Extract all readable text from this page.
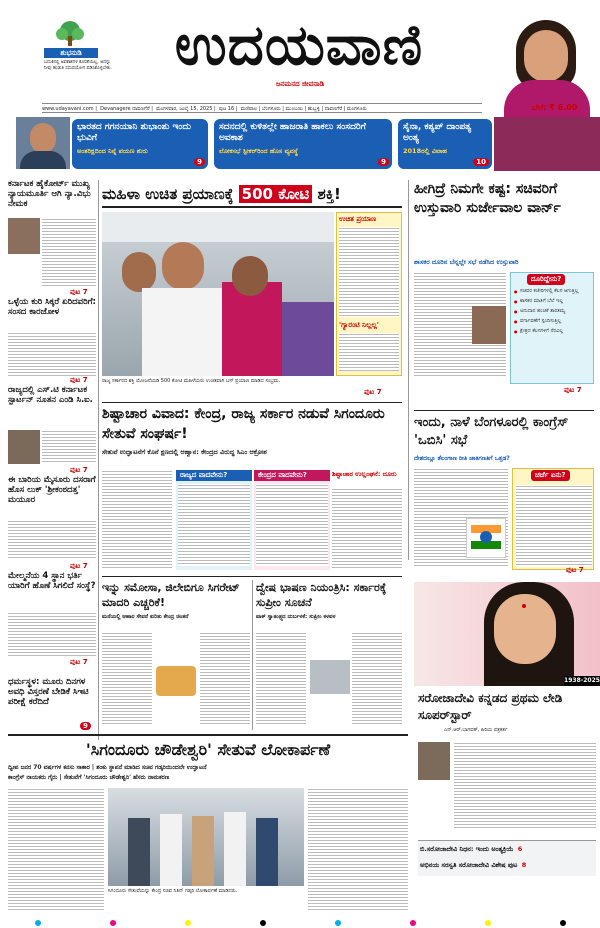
ಶುಭನುಡಿ
ಬದುಕಿನಲ್ಲಿ ಅವಕಾಶಗಳ ಕೊರತೆಯಿಲ್ಲ. ಅದನ್ನು ನೀವು ಹುಡುಕಿ ಸದುಪಯೋಗ ಪಡಿಸಿಕೊಳ್ಳಬೇಕು.	ಉದಯವಾಣಿ
ಜನಮನದ ಜೀವನಾಡಿ
www.udayavani.com |  Devanagere ದಾವಣಗೆರೆ |  ಮಂಗಳವಾರ, ಜುಲೈ 15, 2025 |  ಪುಟ 16 |  ಮಣಿಪಾಲ | ಬೆಂಗಳೂರು | ಮುಂಬಯಿ | ಹುಬ್ಬಳ್ಳಿ | ದಾವಣಗೆರೆ | ಮಂಗಳೂರು	ಬೆಲೆ: ₹ 6.00
ಭಾರತದ ಗಗನಯಾನಿ ಶುಭಾಂಶು ಇಂದು ಭುವಿಗೆ
ಅಂತರಿಕ್ಷದಿಂದ ನಿನ್ನೆ ಪಯಣ ಶುರು
9
ಸದನದಲ್ಲಿ ಕುಳಿತಲ್ಲೇ ಹಾಜರಾತಿ ಹಾಕಲು ಸಂಸದರಿಗೆ ಅವಕಾಶ
ಲೋಕಸಭೆ ಸ್ಪೀಕರ್‌ರಿಂದ ಹೊಸ ವ್ಯವಸ್ಥೆ
9
ಸೈನಾ, ಕಶ್ಯಪ್ ದಾಂಪತ್ಯ ಅಂತ್ಯ
2018ರಲ್ಲಿ ವಿವಾಹ
10
ಕರ್ನಾಟಕ ಹೈಕೋರ್ಟ್ ಮುಖ್ಯ ನ್ಯಾಯಮೂರ್ತಿ ಆಗಿ ನ್ಯಾ.ವಿಭು ನೇಮಕ
ಪುಟ 7
ಒಳ್ಳೆಯ ಕುರಿ ಸಿಕ್ಕರೆ ಏರಿದವರಿಗೆ: ಸಂಸದ ಕಾರಜೋಳ
ಪುಟ 7
ರಾಜ್ಯದಲ್ಲಿ ಎಸ್‌.ಟಿ ಕರ್ನಾಟಕ ಸ್ಪಾರ್ಟನ್ ನೂತನ ಎಂಡಿ ಸಿ.ಐ.
ಪುಟ 7
ಈ ಬಾರಿಯ ಮೈಸೂರು ದಸರಾಗೆ ಹೊಸ ಲುಕ್ 'ಶ್ರೀಕಂಠದತ್ತ' ಮಯೂರ
ಪುಟ 7
ಮೇಲ್ಮನೆಯ 4 ಸ್ಥಾನ ಭರ್ತಿ ಯಾರಿಗೆ ಹೊಣೆ ಸಿಗಲಿದೆ ಸಂಸ್ಥೆ?
ಪುಟ 7
ಧರ್ಮಸ್ಥಳ: ಮೂರು ದಿನಗಳ ಅವಧಿ ವಿಸ್ತರಣೆ ಬೇಡಿಕೆ ಸಿಇಟಿ ಪರೀಕ್ಷೆ ಕರೆದಿದೆ
9
ಮಹಿಳಾ ಉಚಿತ ಪ್ರಯಾಣಕ್ಕೆ 500 ಕೋಟಿ ಶಕ್ತಿ!
ಉಚಿತ ಪ್ರಯಾಣ
'ಗ್ಯಾರಂಟಿ ನಿಲ್ಲಲ್ಲ'
ರಾಜ್ಯ ಸರ್ಕಾರದ ಶಕ್ತಿ ಯೋಜನೆಯಡಿ 500 ಕೋಟಿ ಮಹಿಳೆಯರು ಉಚಿತವಾಗಿ ಬಸ್ ಪ್ರಯಾಣ ಮಾಡಿದ ಸಂಭ್ರಮ.
ಪುಟ 7
ಹೀಗಿದ್ರೆ ನಿಮಗೇ ಕಷ್ಟ: ಸಚಿವರಿಗೆ ಉಸ್ತುವಾರಿ ಸುರ್ಜೇವಾಲ ವಾರ್ನ್
ಶಾಸಕರ ದೂರಿನ ಬೆನ್ನಲ್ಲೇ ಸಭೆ ನಡೆಸಿದ ಉಸ್ತುವಾರಿ
ದೂರಿದ್ದೇನು?
● ಸಚಿವರ ಕಚೇರಿಗಳಲ್ಲಿ ಕೆಲಸ ಆಗುತ್ತಿಲ್ಲ
● ಶಾಸಕರ ಮಾತಿಗೆ ಬೆಲೆ ಇಲ್ಲ
● ಅನುದಾನ ಹಂಚಿಕೆ ತಾರತಮ್ಯ
● ವರ್ಗಾವಣೆಗೆ ಸ್ಪಂದಿಸುತ್ತಿಲ್ಲ
● ಕ್ಷೇತ್ರದ ಕೆಲಸಗಳಿಗೆ ನೆರವಿಲ್ಲ
ಪುಟ 7
ಶಿಷ್ಟಾಚಾರ ವಿವಾದ: ಕೇಂದ್ರ, ರಾಜ್ಯ ಸರ್ಕಾರ ನಡುವೆ ಸಿಗಂದೂರು ಸೇತುವೆ ಸಂಘರ್ಷ!
ಸೇತುವೆ ಉದ್ಘಾಟನೆಗೆ ಕೊನೆ ಕ್ಷಣದಲ್ಲಿ ಆಹ್ವಾನ: ಕೇಂದ್ರದ ವಿರುದ್ಧ ಸಿಎಂ ಆಕ್ರೋಶ
ರಾಜ್ಯದ ವಾದವೇನು?	ಕೇಂದ್ರದ ವಾದವೇನು?	ಶಿಷ್ಟಾಚಾರ ಉಲ್ಲಂಘನೆ: ದೂರು
ಇಂದು, ನಾಳೆ ಬೆಂಗಳೂರಲ್ಲಿ ಕಾಂಗ್ರೆಸ್ 'ಒಬಿಸಿ' ಸಭೆ
ದೇಶದಲ್ಲೂ ತೆಲಂಗಾಣ ರೀತಿ ಜಾತಿಗಣತಿಗೆ ಒತ್ತಡ?
ಚರ್ಚೆ ಏನು?
ಪುಟ 7
ಇನ್ನು ಸಮೋಸಾ, ಜಿಲೇಬಿಗೂ ಸಿಗರೇಟ್ ಮಾದರಿ ಎಚ್ಚರಿಕೆ!
ಮನೆಯಲ್ಲಿ ಆಹಾರ ಸೇವನೆ ಕುರಿತು ಕೇಂದ್ರ ಚಿಂತನೆ
ದ್ವೇಷ ಭಾಷಣ ನಿಯಂತ್ರಿಸಿ: ಸರ್ಕಾರಕ್ಕೆ ಸುಪ್ರೀಂ ಸೂಚನೆ
ವಾಕ್ ಸ್ವಾತಂತ್ರ್ಯದ ದುರ್ಬಳಕೆ: ಸುಪ್ರೀಂ ಕಳವಳ
1938-2025
ಸರೋಜಾದೇವಿ ಕನ್ನಡದ ಪ್ರಥಮ ಲೇಡಿ ಸೂಪರ್‌ಸ್ಟಾರ್
ಎನ್.ಆರ್.ಭಾಗವತ್, ಹಿರಿಯ ಪತ್ರಕರ್ತ
ಬಿ.ಸರೋಜಾದೇವಿ ನಿಧನ: ಇಂದು ಅಂತ್ಯಕ್ರಿಯೆ 6
ಅಭಿನಯ ಸರಸ್ವತಿ ಸರೋಜಾದೇವಿ ವಿಶೇಷ ಪುಟ 8
'ಸಿಗಂದೂರು ಚೌಡೇಶ್ವರಿ' ಸೇತುವೆ ಲೋಕಾರ್ಪಣೆ
ದ್ವೀಪ ಜನರ 70 ವರ್ಷಗಳ ಕನಸು ಸಾಕಾರ | ಶಂಕು ಸ್ಥಾಪನೆ ಮಾಡಿದ ಸಚಿವ ಗಡ್ಕರಿಯಿಂದಲೇ ಉದ್ಘಾಟನೆ
ಕಾಂಗ್ರೆಸ್ ನಾಯಕರು ಗೈರು | ಸೇತುವೆಗೆ 'ಸಿಗಂದೂರು ಚೌಡೇಶ್ವರಿ' ಹೆಸರು ನಾಮಕರಣ
ಸಿಗಂದೂರು ಸೇತುವೆಯನ್ನು ಕೇಂದ್ರ ಸಚಿವ ನಿತಿನ್ ಗಡ್ಕರಿ ಲೋಕಾರ್ಪಣೆ ಮಾಡಿದರು.
